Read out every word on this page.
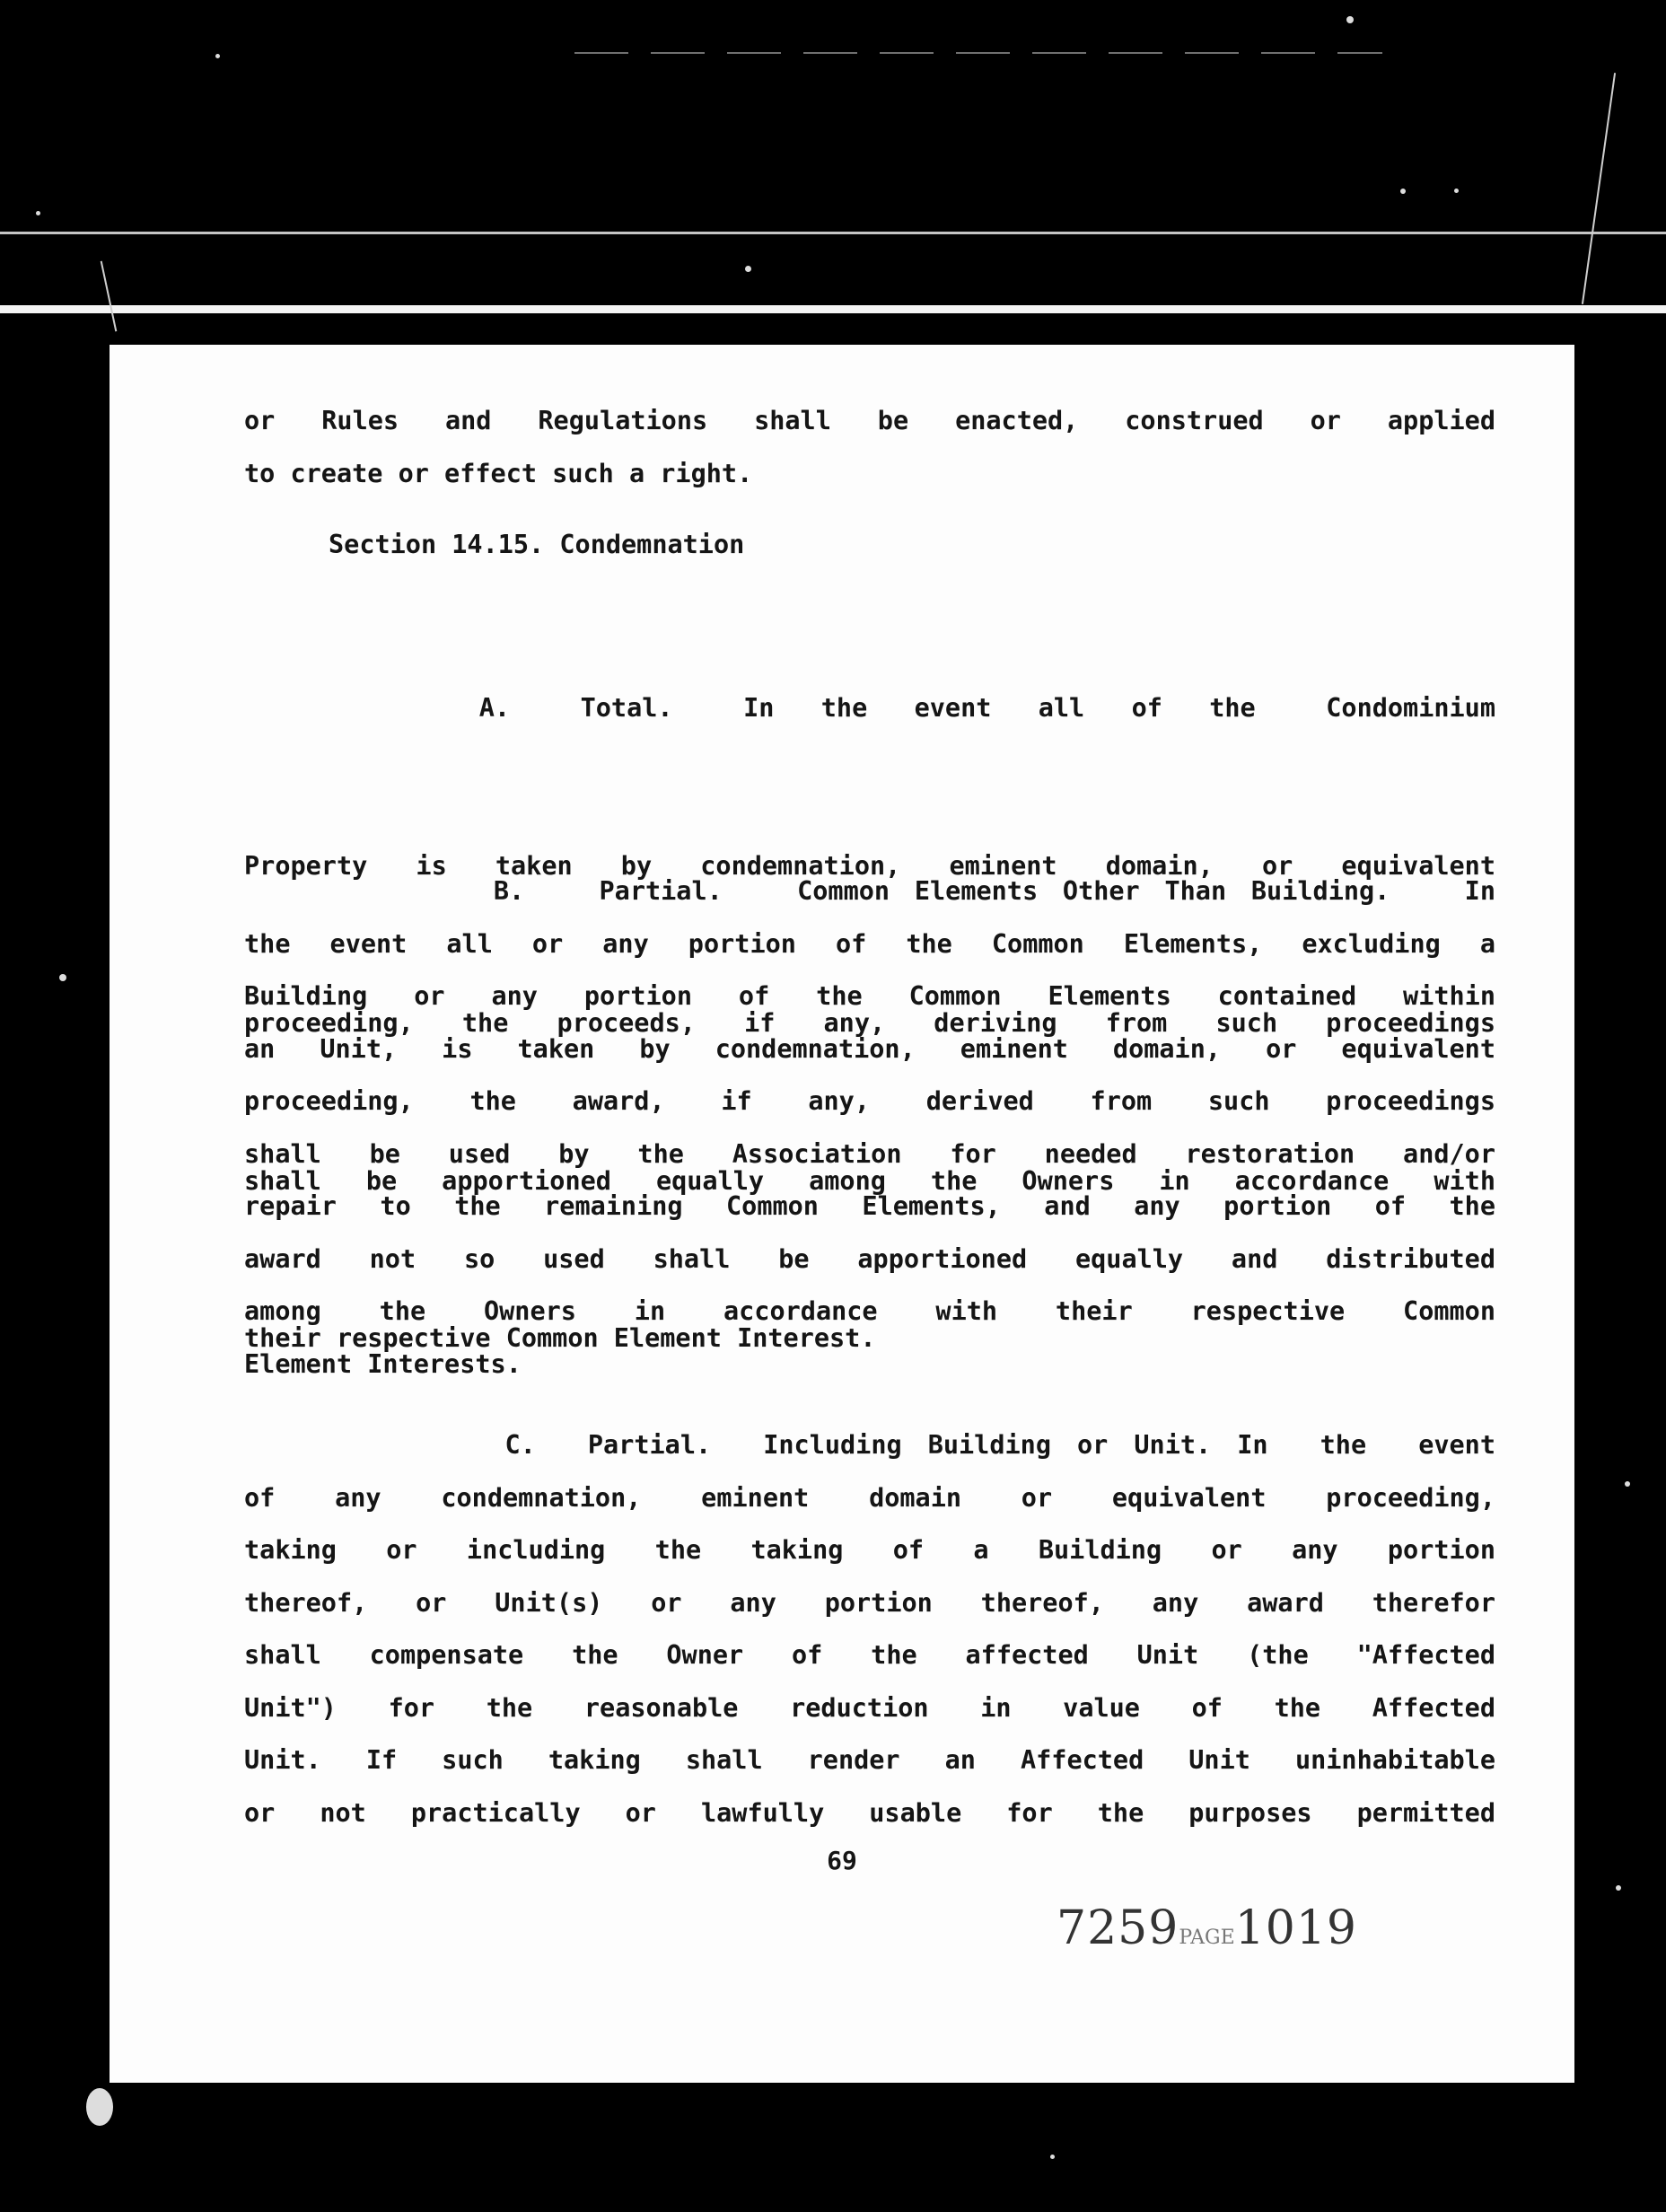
or Rules and Regulations shall be enacted, construed or applied
to create or effect such a right.
Section 14.15. Condemnation

A.   Total.   In  the  event  all  of  the   Condominium

Property is taken by condemnation, eminent domain, or equivalent

proceeding, the proceeds, if any, deriving from such proceedings

shall be apportioned equally among the Owners in accordance with

their respective Common Element Interest.

B.   Partial.   Common Elements Other Than Building.   In
the event all or any portion of the Common Elements, excluding a
Building or any portion of the Common Elements contained within
an Unit, is taken by condemnation, eminent domain, or equivalent
proceeding, the award, if any, derived from such proceedings
shall be used by the Association for needed restoration and/or
repair to the remaining Common Elements, and any portion of the
award not so used shall be apportioned equally and distributed
among the Owners in accordance with their respective Common
Element Interests.
C.  Partial.  Including Building or Unit. In  the  event
of any condemnation, eminent domain or equivalent proceeding,
taking or including the taking of a Building or any portion
thereof, or Unit(s) or any portion thereof, any award therefor
shall compensate the Owner of the affected Unit (the "Affected
Unit") for the reasonable reduction in value of the Affected
Unit. If such taking shall render an Affected Unit uninhabitable
or not practically or lawfully usable for the purposes permitted
69
7259PAGE1019
